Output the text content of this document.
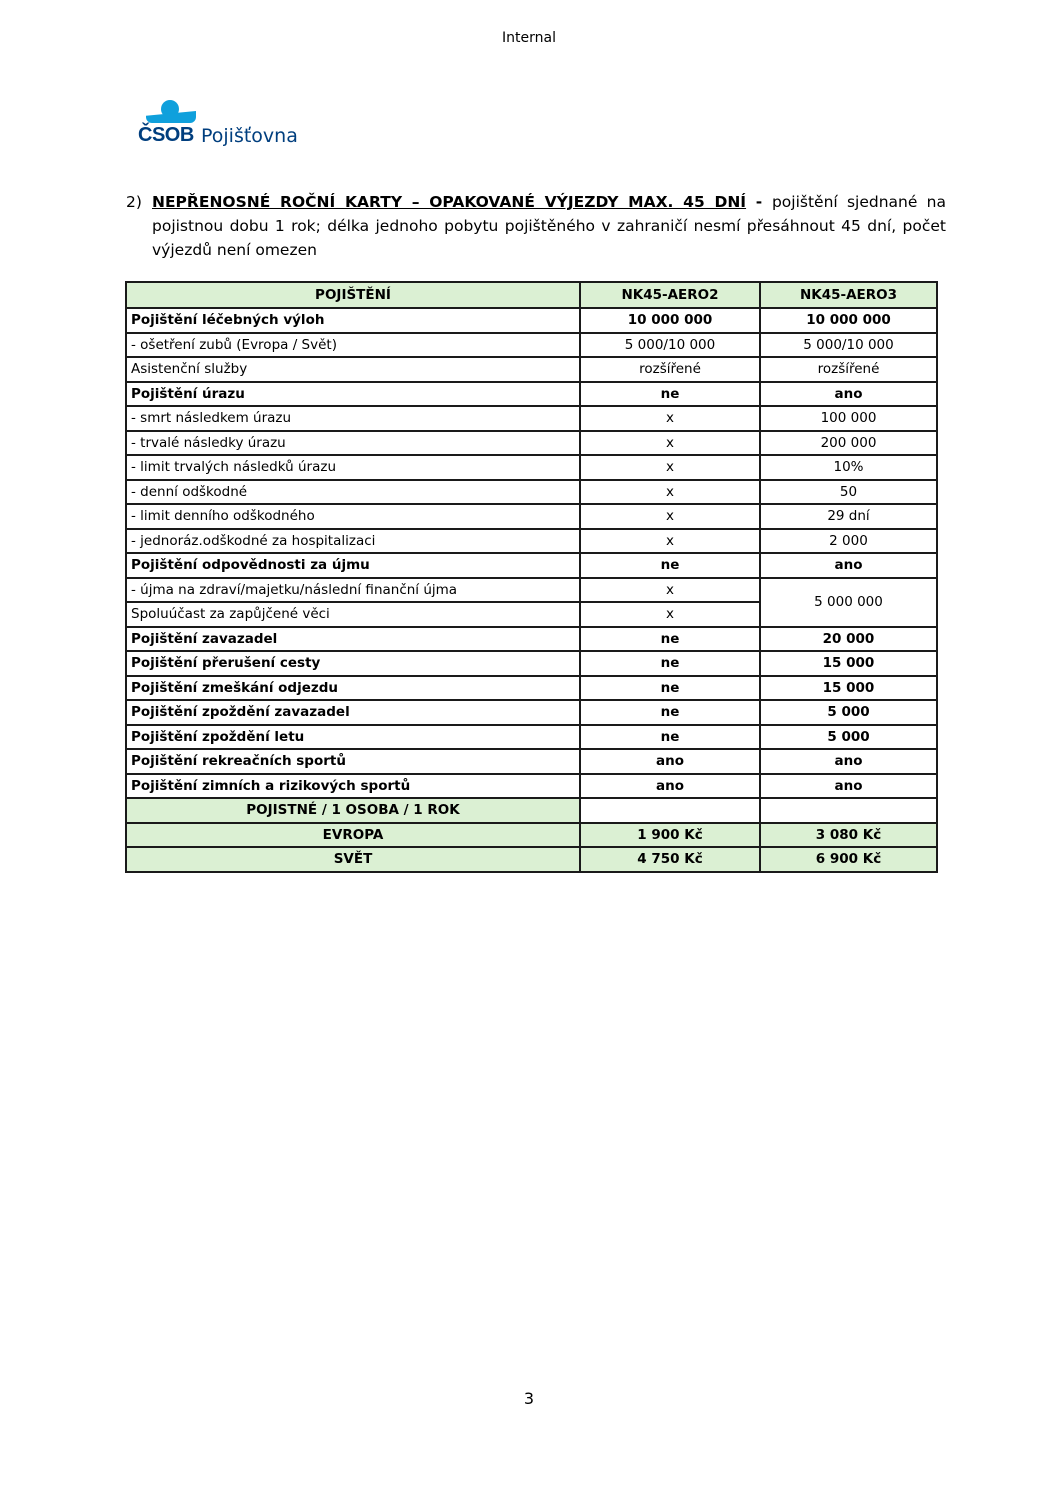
Internal
ČSOB Pojišťovna
2) NEPŘENOSNÉ ROČNÍ KARTY – OPAKOVANÉ VÝJEZDY MAX. 45 DNÍ - pojištění sjednané na pojistnou dobu 1 rok; délka jednoho pobytu pojištěného v zahraničí nesmí přesáhnout 45 dní, počet výjezdů není omezen
POJIŠTĚNÍ	NK45-AERO2	NK45-AERO3
Pojištění léčebných výloh	10 000 000	10 000 000
- ošetření zubů (Evropa / Svět)	5 000/10 000	5 000/10 000
Asistenční služby	rozšířené	rozšířené
Pojištění úrazu	ne	ano
- smrt následkem úrazu	x	100 000
- trvalé následky úrazu	x	200 000
- limit trvalých následků úrazu	x	10%
- denní odškodné	x	50
- limit denního odškodného	x	29 dní
- jednoráz.odškodné za hospitalizaci	x	2 000
Pojištění odpovědnosti za újmu	ne	ano
- újma na zdraví/majetku/následní finanční újma	x	5 000 000
Spoluúčast za zapůjčené věci	x	
Pojištění zavazadel	ne	20 000
Pojištění přerušení cesty	ne	15 000
Pojištění zmeškání odjezdu	ne	15 000
Pojištění zpoždění zavazadel	ne	5 000
Pojištění zpoždění letu	ne	5 000
Pojištění rekreačních sportů	ano	ano
Pojištění zimních a rizikových sportů	ano	ano
POJISTNÉ / 1 OSOBA / 1 ROK		
EVROPA	1 900 Kč	3 080 Kč
SVĚT	4 750 Kč	6 900 Kč
3
